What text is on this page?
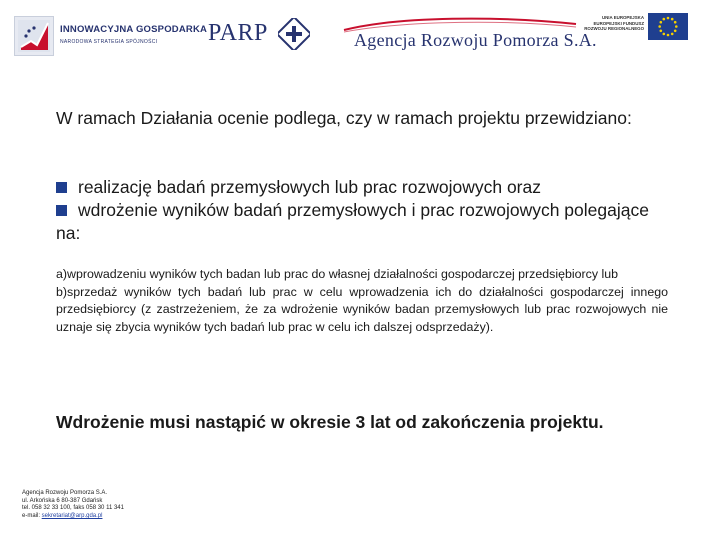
INNOWACYJNA GOSPODARKA
NARODOWA STRATEGIA SPÓJNOŚCI PARP	Agencja Rozwoju Pomorza S.A.
UNIA EUROPEJSKA
EUROPEJSKI FUNDUSZ
ROZWOJU REGIONALNEGO
W ramach Działania ocenie podlega, czy w ramach projektu przewidziano:
realizację badań przemysłowych lub prac rozwojowych oraz
wdrożenie wyników badań przemysłowych i prac rozwojowych polegające na:
a)wprowadzeniu wyników tych badan lub prac do własnej działalności gospodarczej przedsiębiorcy lub
b)sprzedaż wyników tych badań lub prac w celu wprowadzenia ich do działalności gospodarczej innego przedsiębiorcy (z zastrzeżeniem, że za wdrożenie wyników badan przemysłowych lub prac rozwojowych nie uznaje się zbycia wyników tych badań lub prac w celu ich dalszej odsprzedaży).
Wdrożenie musi nastąpić w okresie 3 lat od zakończenia projektu.
Agencja Rozwoju Pomorza S.A.
ul. Arkońska 6 80-387 Gdańsk
tel. 058 32 33 100, faks 058 30 11 341
e-mail: sekretariat@arp.gda.pl
